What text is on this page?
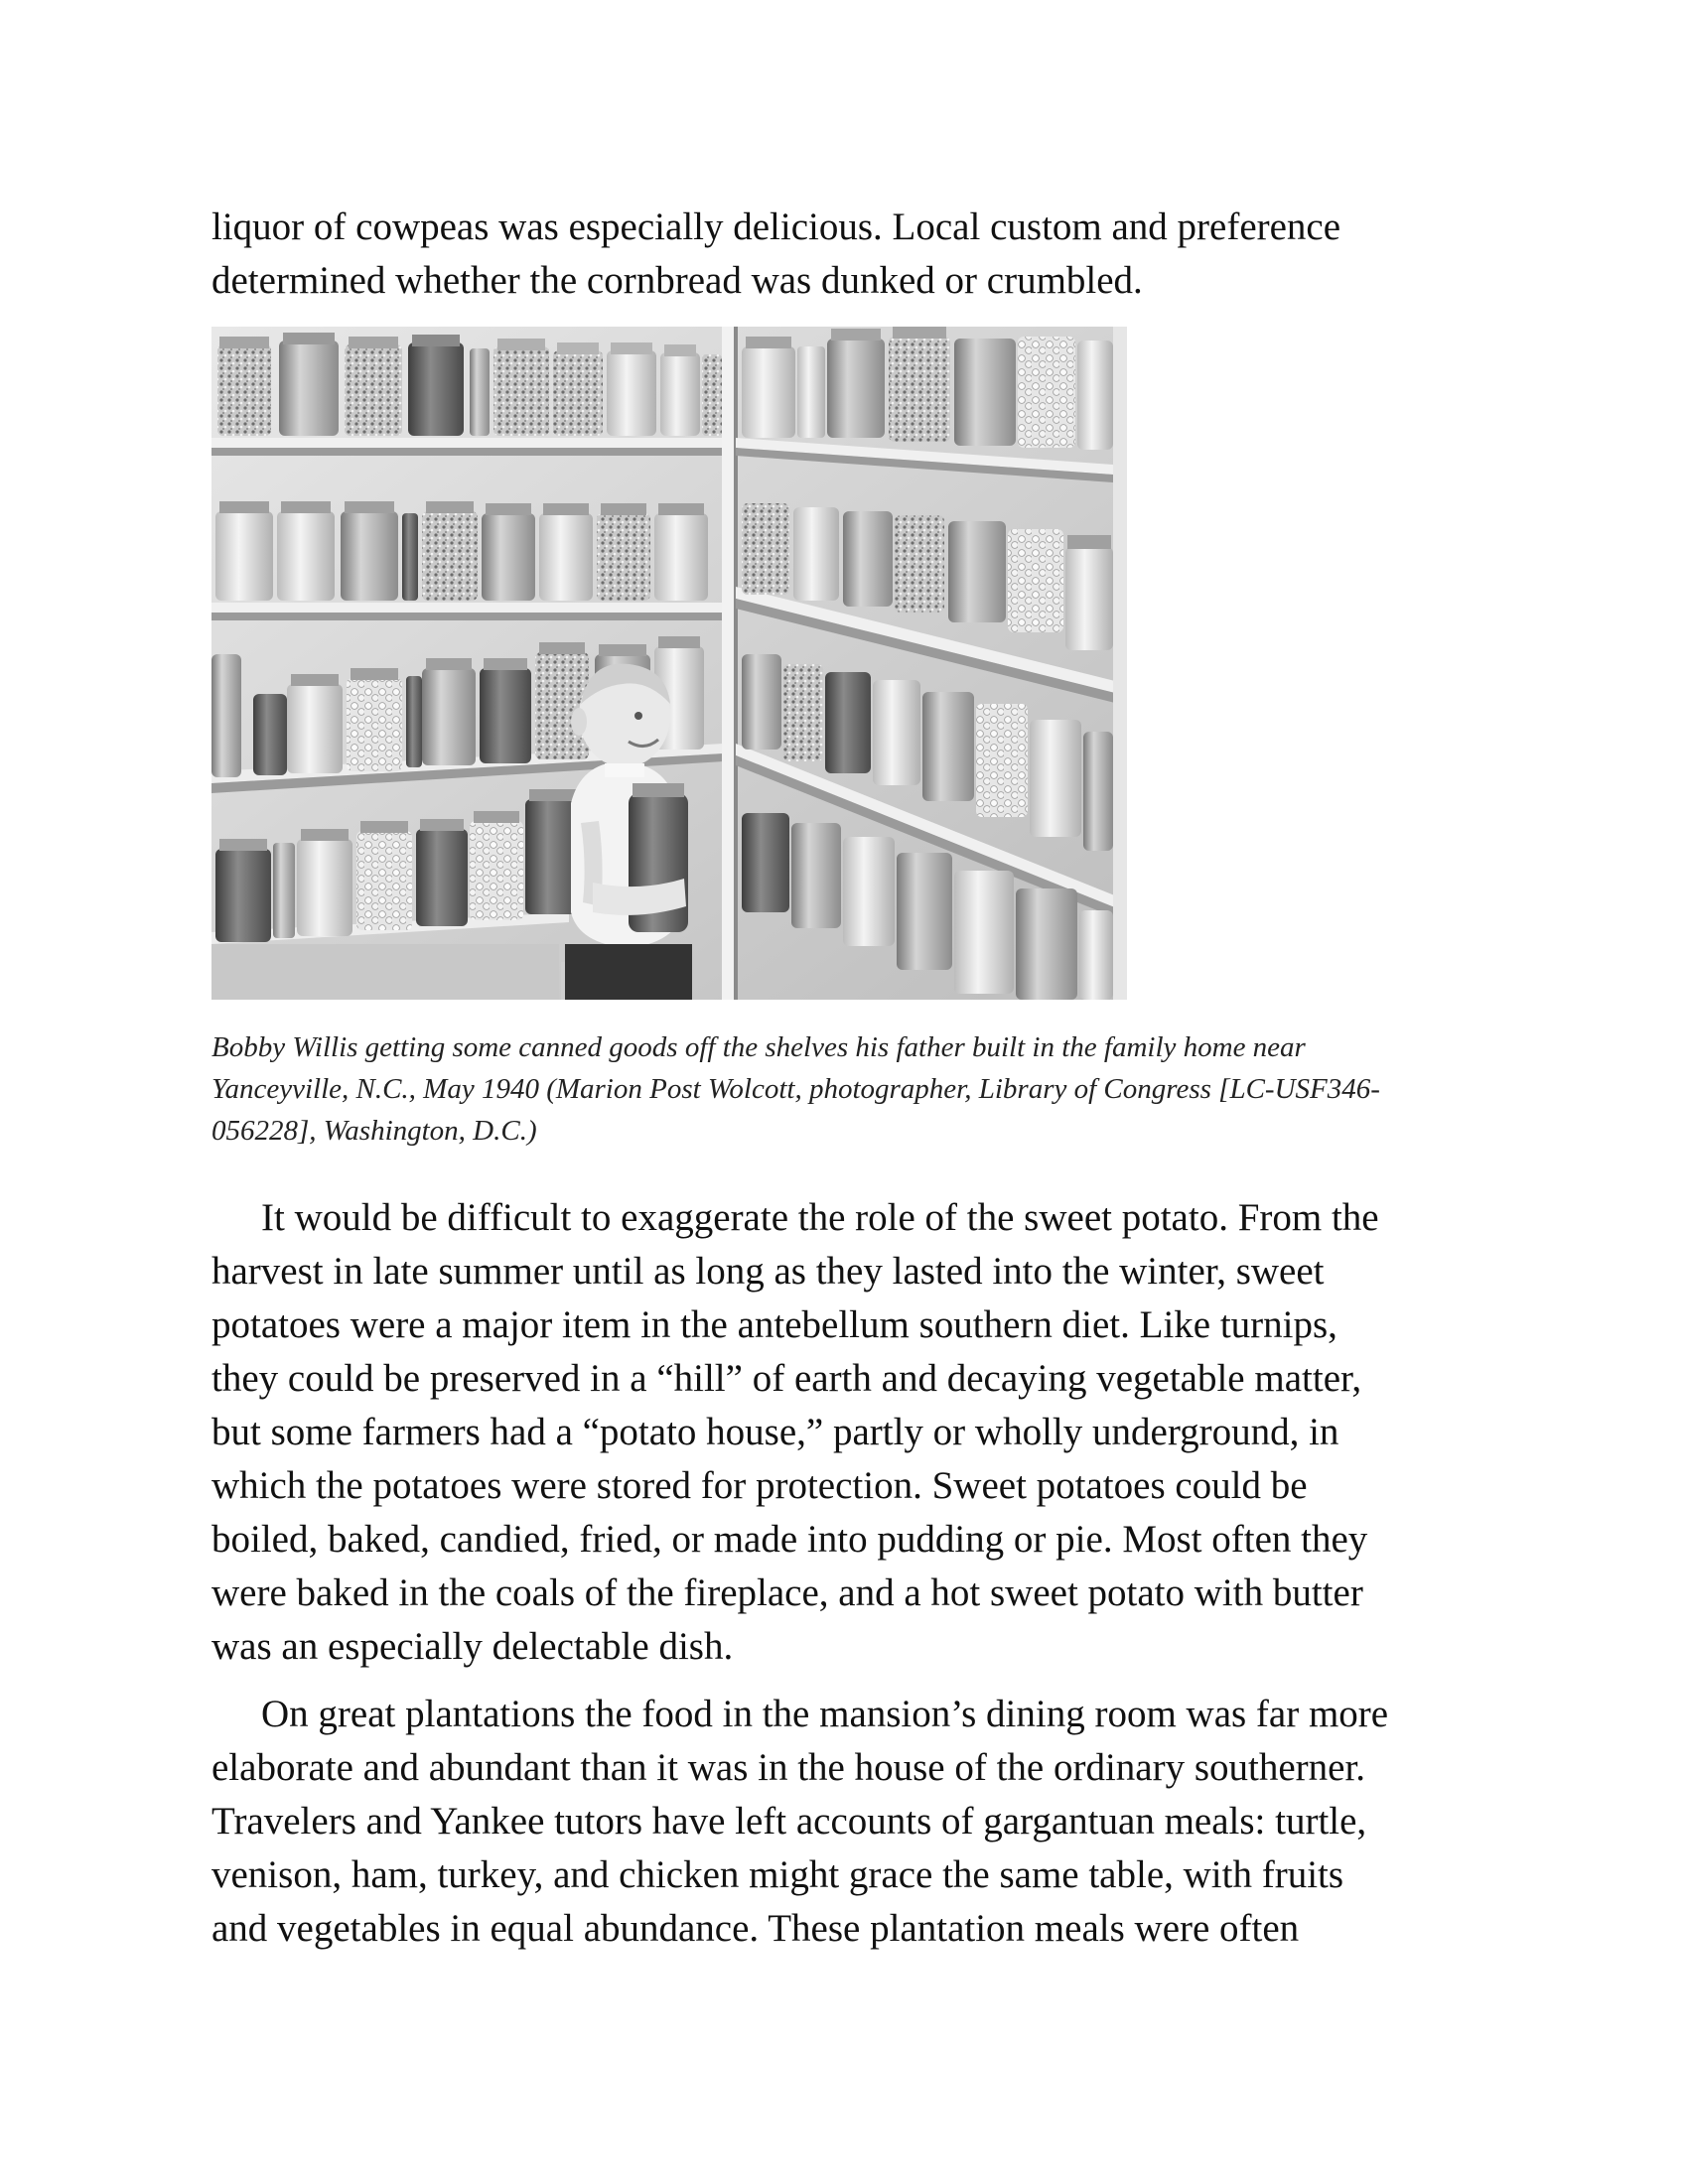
liquor of cowpeas was especially delicious. Local custom and preference
determined whether the cornbread was dunked or crumbled.

Bobby Willis getting some canned goods off the shelves his father built in the family home near
Yanceyville, N.C., May 1940 (Marion Post Wolcott, photographer, Library of Congress [LC-USF346-
056228], Washington, D.C.)

It would be difficult to exaggerate the role of the sweet potato. From the
harvest in late summer until as long as they lasted into the winter, sweet
potatoes were a major item in the antebellum southern diet. Like turnips,
they could be preserved in a “hill” of earth and decaying vegetable matter,
but some farmers had a “potato house,” partly or wholly underground, in
which the potatoes were stored for protection. Sweet potatoes could be
boiled, baked, candied, fried, or made into pudding or pie. Most often they
were baked in the coals of the fireplace, and a hot sweet potato with butter
was an especially delectable dish.

On great plantations the food in the mansion’s dining room was far more
elaborate and abundant than it was in the house of the ordinary southerner.
Travelers and Yankee tutors have left accounts of gargantuan meals: turtle,
venison, ham, turkey, and chicken might grace the same table, with fruits
and vegetables in equal abundance. These plantation meals were often
